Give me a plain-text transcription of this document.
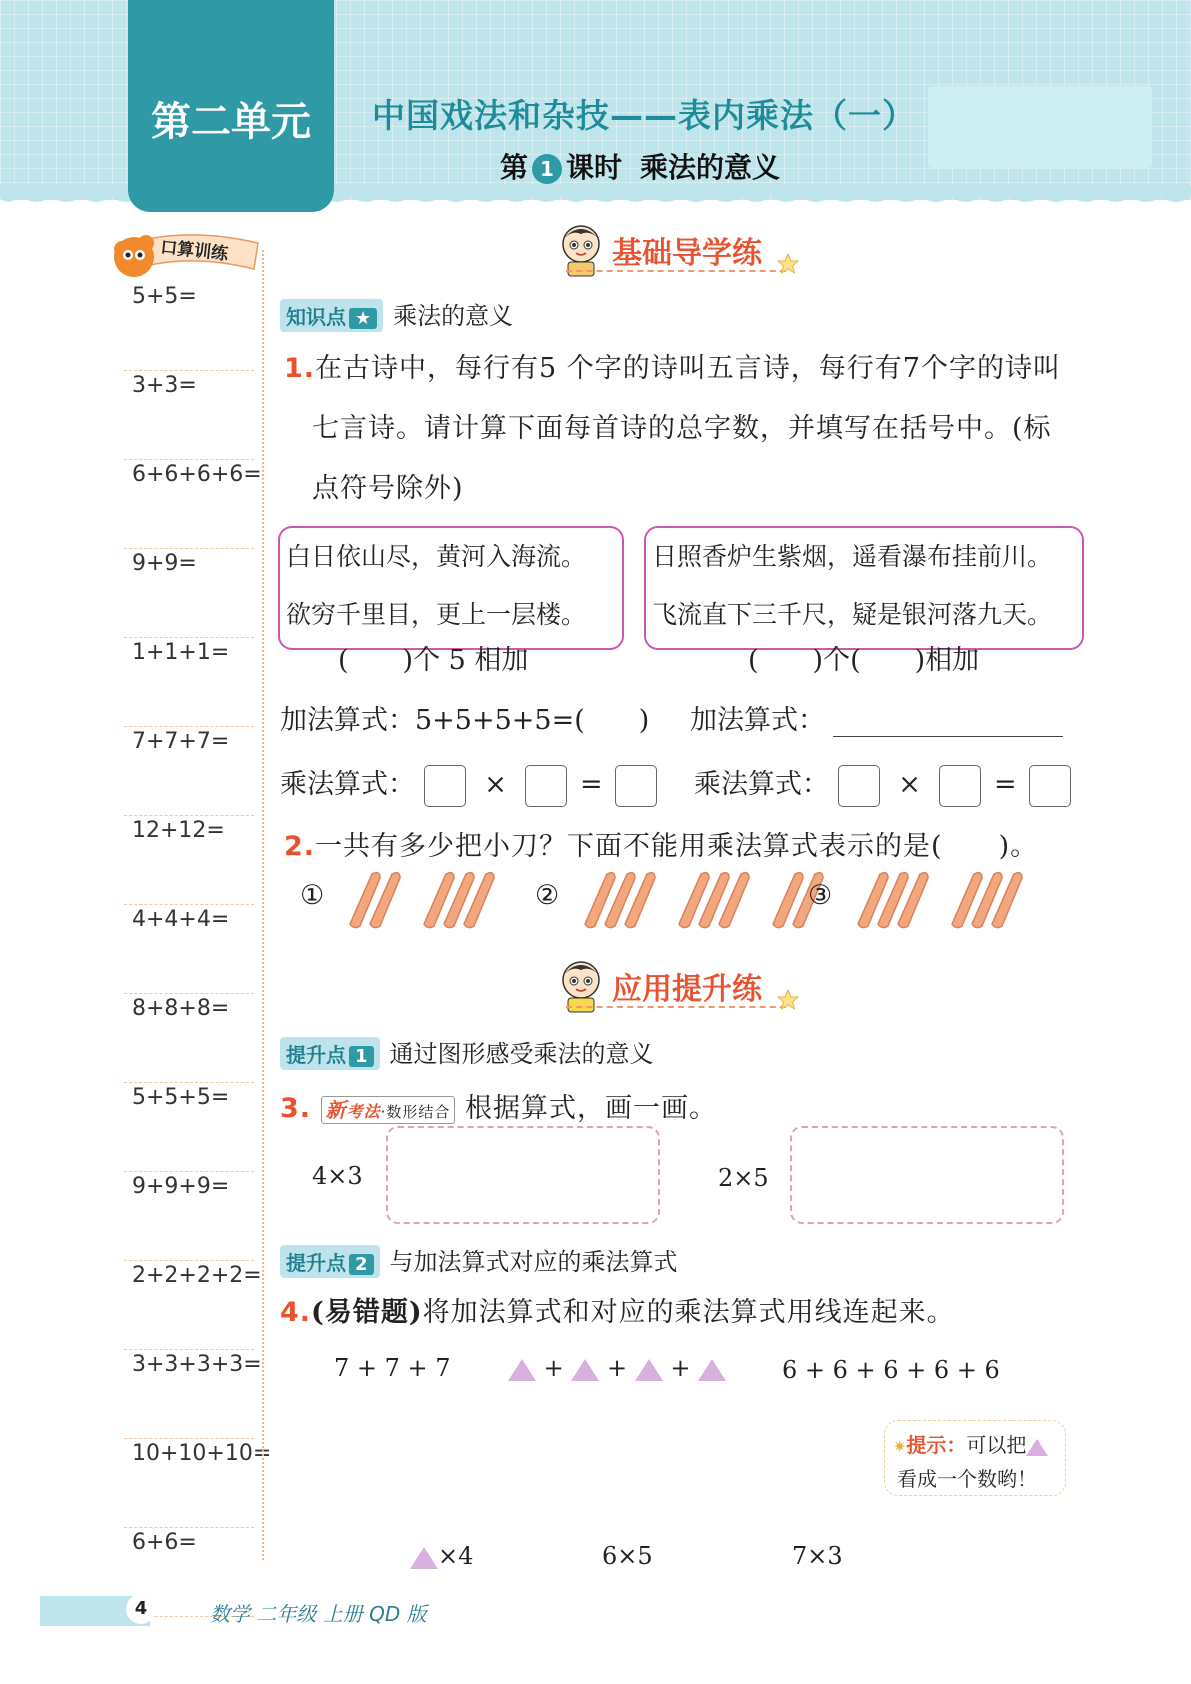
第二单元	中国戏法和杂技——表内乘法（一）
第 1 课时 乘法的意义
口算训练
5+5=
3+3=
6+6+6+6=
9+9=
1+1+1=
7+7+7=
12+12=
4+4+4=
8+8+8=
5+5+5=
9+9+9=
2+2+2+2=
3+3+3+3=
10+10+10=
6+6=
基础导学练
知识点 ★ 乘法的意义
1.在古诗中，每行有5 个字的诗叫五言诗，每行有7个字的诗叫
七言诗。请计算下面每首诗的总字数，并填写在括号中。(标
点符号除外)
白日依山尽，黄河入海流。
欲穷千里目，更上一层楼。
日照香炉生紫烟，遥看瀑布挂前川。
飞流直下三千尺，疑是银河落九天。
(　　)个 5 相加	(　　)个(　　)相加
加法算式：5+5+5+5=(　　) 加法算式：
乘法算式：	×	=	乘法算式：	×	=
2.一共有多少把小刀？下面不能用乘法算式表示的是(　　)。
①	②	③
应用提升练
提升点 1 通过图形感受乘法的意义
3. 新考法·数形结合 根据算式，画一画。
4×3	2×5
提升点 2 与加法算式对应的乘法算式
4.(易错题)将加法算式和对应的乘法算式用线连起来。
7 + 7 + 7	+ + +	6 + 6 + 6 + 6 + 6
✷提示：可以把
看成一个数哟！
×4	6×5	7×3
4	数学 二年级 上册 QD 版
